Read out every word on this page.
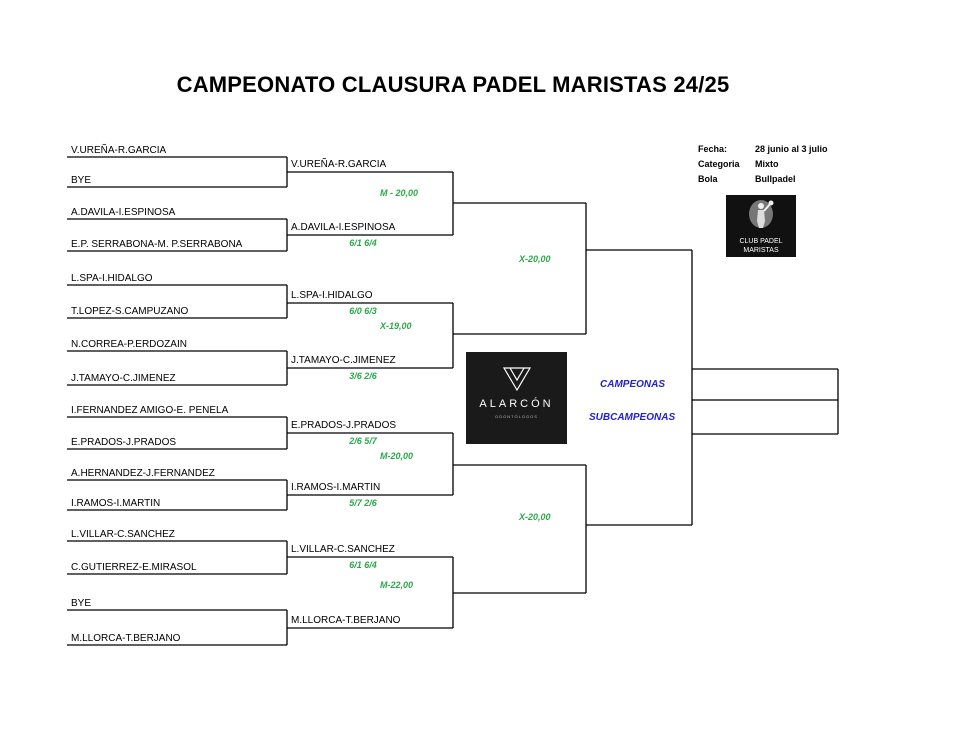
CAMPEONATO CLAUSURA PADEL MARISTAS 24/25
V.UREÑA-R.GARCIA
BYE
A.DAVILA-I.ESPINOSA
E.P. SERRABONA-M. P.SERRABONA
L.SPA-I.HIDALGO
T.LOPEZ-S.CAMPUZANO
N.CORREA-P.ERDOZAIN
J.TAMAYO-C.JIMENEZ
I.FERNANDEZ AMIGO-E. PENELA
E.PRADOS-J.PRADOS
A.HERNANDEZ-J.FERNANDEZ
I.RAMOS-I.MARTIN
L.VILLAR-C.SANCHEZ
C.GUTIERREZ-E.MIRASOL
BYE
M.LLORCA-T.BERJANO
V.UREÑA-R.GARCIA
A.DAVILA-I.ESPINOSA
6/1 6/4
L.SPA-I.HIDALGO
6/0 6/3
J.TAMAYO-C.JIMENEZ
3/6 2/6
E.PRADOS-J.PRADOS
2/6 5/7
I.RAMOS-I.MARTIN
5/7 2/6
L.VILLAR-C.SANCHEZ
6/1 6/4
M.LLORCA-T.BERJANO
M - 20,00
X-19,00
M-20,00
M-22,00
X-20,00
X-20,00
Fecha:	28 junio al 3 julio
Categoria Mixto
Bola	Bullpadel
CLUB PADEL
MARISTAS
ALARCÓN
ODONTÓLOGOS
CAMPEONAS
SUBCAMPEONAS
